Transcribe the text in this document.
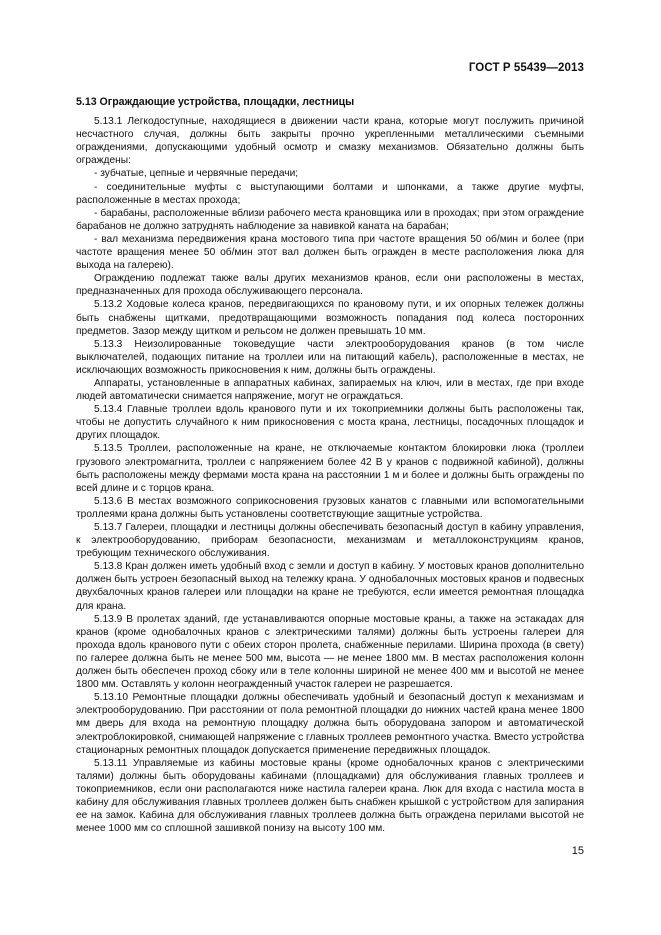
ГОСТ Р 55439—2013
5.13 Ограждающие устройства, площадки, лестницы

5.13.1 Легкодоступные, находящиеся в движении части крана, которые могут послужить причиной несчастного случая, должны быть закрыты прочно укрепленными металлическими съемными ограждениями, допускающими удобный осмотр и смазку механизмов. Обязательно должны быть ограждены:

- зубчатые, цепные и червячные передачи;

- соединительные муфты с выступающими болтами и шпонками, а также другие муфты, расположенные в местах прохода;

- барабаны, расположенные вблизи рабочего места крановщика или в проходах; при этом ограждение барабанов не должно затруднять наблюдение за навивкой каната на барабан;

- вал механизма передвижения крана мостового типа при частоте вращения 50 об/мин и более (при частоте вращения менее 50 об/мин этот вал должен быть огражден в месте расположения люка для выхода на галерею).

Ограждению подлежат также валы других механизмов кранов, если они расположены в местах, предназначенных для прохода обслуживающего персонала.

5.13.2 Ходовые колеса кранов, передвигающихся по крановому пути, и их опорных тележек должны быть снабжены щитками, предотвращающими возможность попадания под колеса посторонних предметов. Зазор между щитком и рельсом не должен превышать 10 мм.

5.13.3 Неизолированные токоведущие части электрооборудования кранов (в том числе выключателей, подающих питание на троллеи или на питающий кабель), расположенные в местах, не исключающих возможность прикосновения к ним, должны быть ограждены.

Аппараты, установленные в аппаратных кабинах, запираемых на ключ, или в местах, где при входе людей автоматически снимается напряжение, могут не ограждаться.

5.13.4 Главные троллеи вдоль кранового пути и их токоприемники должны быть расположены так, чтобы не допустить случайного к ним прикосновения с моста крана, лестницы, посадочных площадок и других площадок.

5.13.5 Троллеи, расположенные на кране, не отключаемые контактом блокировки люка (троллеи грузового электромагнита, троллеи с напряжением более 42 В у кранов с подвижной кабиной), должны быть расположены между фермами моста крана на расстоянии 1 м и более и должны быть ограждены по всей длине и с торцов крана.

5.13.6 В местах возможного соприкосновения грузовых канатов с главными или вспомогательными троллеями крана должны быть установлены соответствующие защитные устройства.

5.13.7 Галереи, площадки и лестницы должны обеспечивать безопасный доступ в кабину управления, к электрооборудованию, приборам безопасности, механизмам и металлоконструкциям кранов, требующим технического обслуживания.

5.13.8 Кран должен иметь удобный вход с земли и доступ в кабину. У мостовых кранов дополнительно должен быть устроен безопасный выход на тележку крана. У однобалочных мостовых кранов и подвесных двухбалочных кранов галереи или площадки на кране не требуются, если имеется ремонтная площадка для крана.

5.13.9 В пролетах зданий, где устанавливаются опорные мостовые краны, а также на эстакадах для кранов (кроме однобалочных кранов с электрическими талями) должны быть устроены галереи для прохода вдоль кранового пути с обеих сторон пролета, снабженные перилами. Ширина прохода (в свету) по галерее должна быть не менее 500 мм, высота — не менее 1800 мм. В местах расположения колонн должен быть обеспечен проход сбоку или в теле колонны шириной не менее 400 мм и высотой не менее 1800 мм. Оставлять у колонн неогражденный участок галереи не разрешается.

5.13.10 Ремонтные площадки должны обеспечивать удобный и безопасный доступ к механизмам и электрооборудованию. При расстоянии от пола ремонтной площадки до нижних частей крана менее 1800 мм дверь для входа на ремонтную площадку должна быть оборудована запором и автоматической электроблокировкой, снимающей напряжение с главных троллеев ремонтного участка. Вместо устройства стационарных ремонтных площадок допускается применение передвижных площадок.

5.13.11 Управляемые из кабины мостовые краны (кроме однобалочных кранов с электрическими талями) должны быть оборудованы кабинами (площадками) для обслуживания главных троллеев и токоприемников, если они располагаются ниже настила галереи крана. Люк для входа с настила моста в кабину для обслуживания главных троллеев должен быть снабжен крышкой с устройством для запирания ее на замок. Кабина для обслуживания главных троллеев должна быть ограждена перилами высотой не менее 1000 мм со сплошной зашивкой понизу на высоту 100 мм.

15
